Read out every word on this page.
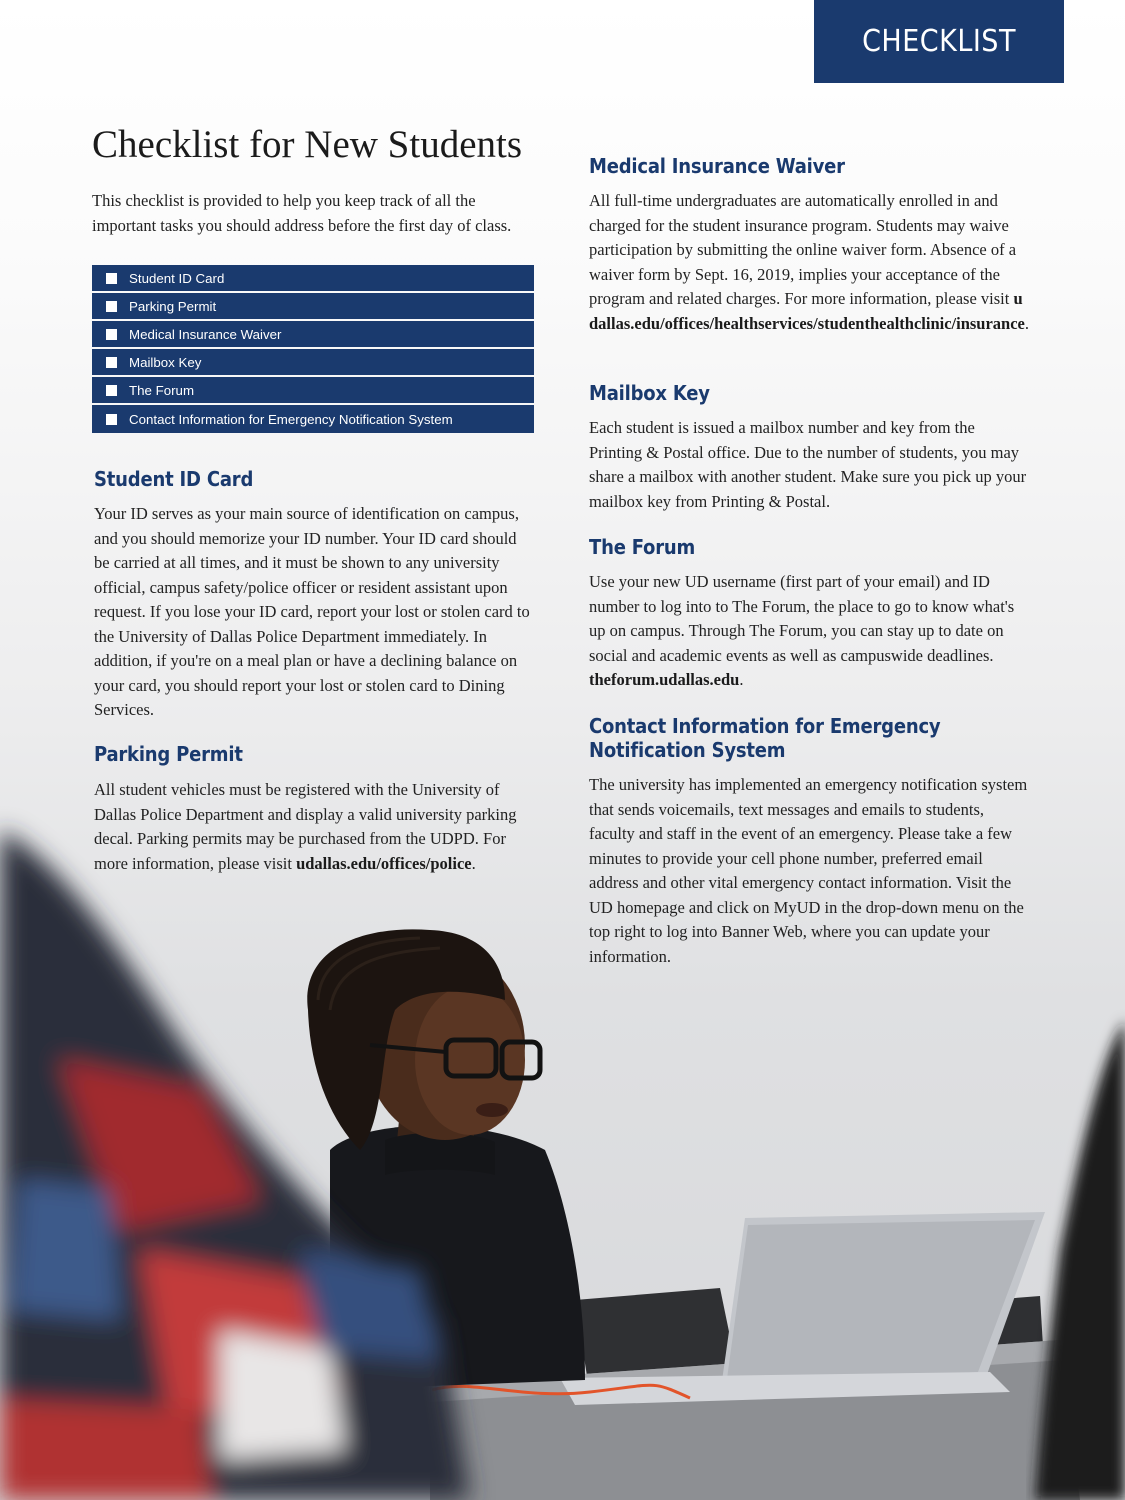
CHECKLIST
Checklist for New Students

This checklist is provided to help you keep track of all the important tasks you should address before the first day of class.

Student ID Card
Parking Permit
Medical Insurance Waiver
Mailbox Key
The Forum
Contact Information for Emergency Notification System
Student ID Card

Your ID serves as your main source of identification on campus, and you should memorize your ID number. Your ID card should be carried at all times, and it must be shown to any university official, campus safety/police officer or resident assistant upon request. If you lose your ID card, report your lost or stolen card to the University of Dallas Police Department immediately. In addition, if you're on a meal plan or have a declining balance on your card, you should report your lost or stolen card to Dining Services.

Parking Permit

All student vehicles must be registered with the University of Dallas Police Department and display a valid university parking decal. Parking permits may be purchased from the UDPD. For more information, please visit udallas.edu/offices/police.

Medical Insurance Waiver

All full-time undergraduates are automatically enrolled in and charged for the student insurance program. Students may waive participation by submitting the online waiver form. Absence of a waiver form by Sept. 16, 2019, implies your acceptance of the program and related charges. For more information, please visit udallas.edu/offices/healthservices/studenthealthclinic/insurance.

Mailbox Key

Each student is issued a mailbox number and key from the Printing & Postal office. Due to the number of students, you may share a mailbox with another student. Make sure you pick up your mailbox key from Printing & Postal.

The Forum

Use your new UD username (first part of your email) and ID number to log into to The Forum, the place to go to know what's up on campus. Through The Forum, you can stay up to date on social and academic events as well as campuswide deadlines. theforum.udallas.edu.

Contact Information for Emergency
Notification System

The university has implemented an emergency notification system that sends voicemails, text messages and emails to students, faculty and staff in the event of an emergency. Please take a few minutes to provide your cell phone number, preferred email address and other vital emergency contact information. Visit the UD homepage and click on MyUD in the drop-down menu on the top right to log into Banner Web, where you can update your information.
